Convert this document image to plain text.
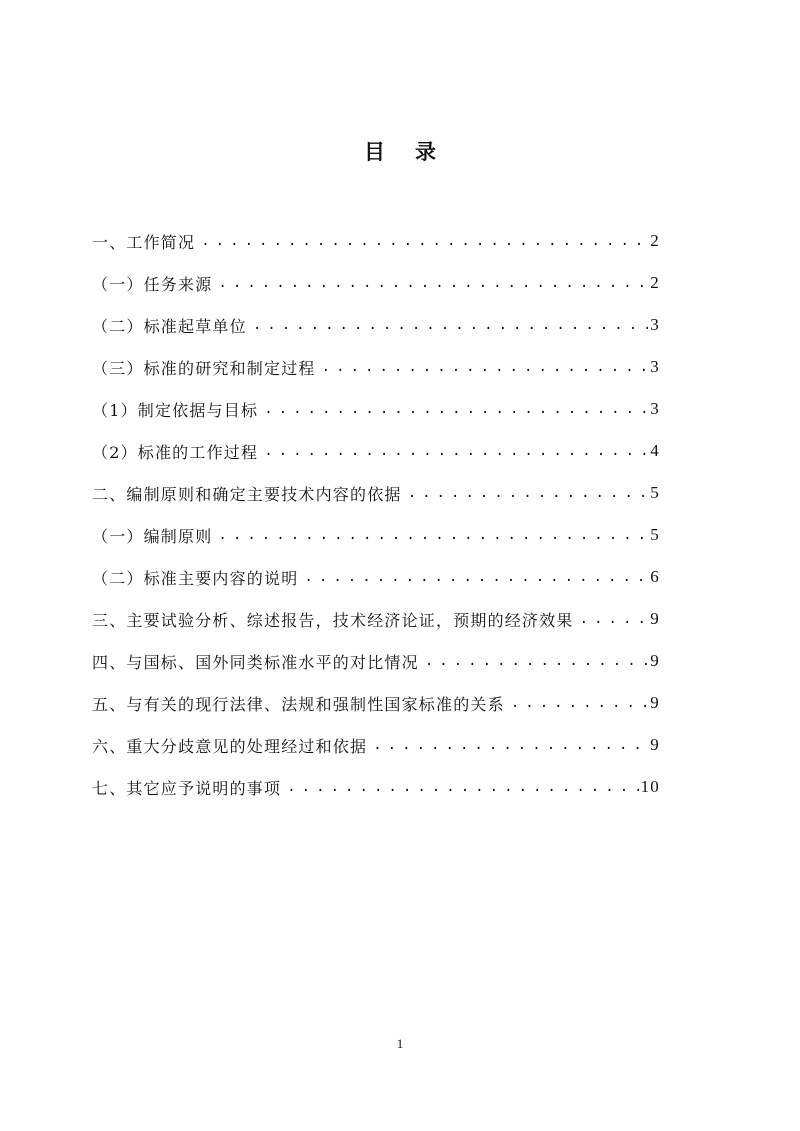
目 录
一、工作简况 . . .	2
（一）任务来源 . . .	2
（二）标准起草单位 . . .	3
（三）标准的研究和制定过程 . . .	3
（1）制定依据与目标 . . .	3
（2）标准的工作过程 . . .	4
二、编制原则和确定主要技术内容的依据 . . .	5
（一）编制原则 . . .	5
（二）标准主要内容的说明 . . .	6
三、主要试验分析、综述报告，技术经济论证，预期的经济效果 . . .	9
四、与国标、国外同类标准水平的对比情况 . . .	9
五、与有关的现行法律、法规和强制性国家标准的关系 . . .	9
六、重大分歧意见的处理经过和依据 . . .	9
七、其它应予说明的事项 . . .	10
1
